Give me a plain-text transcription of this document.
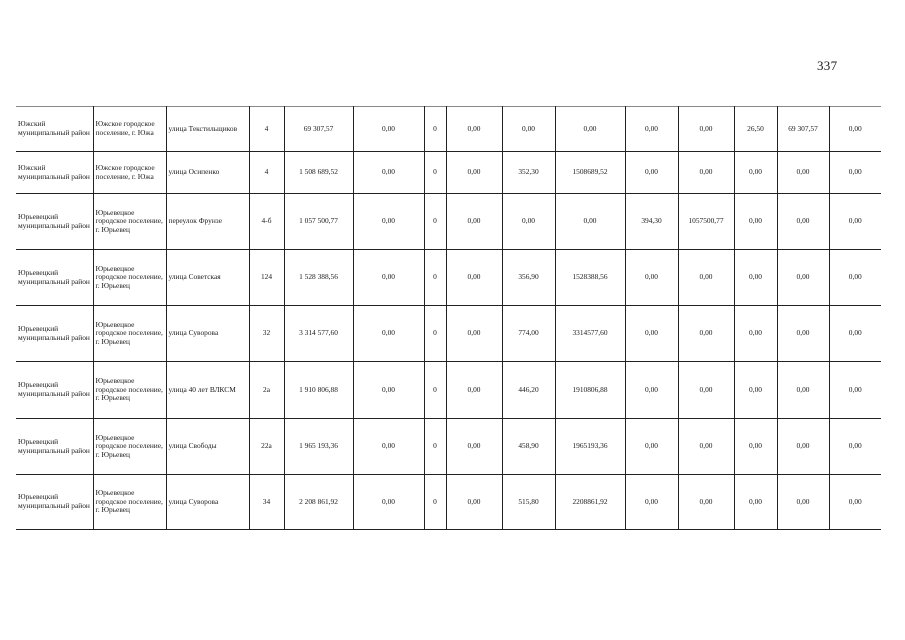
337
Южский муниципальный район	Южское городское поселение, г. Южа	улица Текстильщиков	4	69 307,57	0,00	0	0,00	0,00	0,00	0,00	0,00	26,50	69 307,57	0,00
Южский муниципальный район	Южское городское поселение, г. Южа	улица Осипенко	4	1 508 689,52	0,00	0	0,00	352,30	1508689,52	0,00	0,00	0,00	0,00	0,00
Юрьевецкий муниципальный район	Юрьевецкое городское поселение, г. Юрьевец	переулок Фрунзе	4-б	1 057 500,77	0,00	0	0,00	0,00	0,00	394,30	1057500,77	0,00	0,00	0,00
Юрьевецкий муниципальный район	Юрьевецкое городское поселение, г. Юрьевец	улица Советская	124	1 528 388,56	0,00	0	0,00	356,90	1528388,56	0,00	0,00	0,00	0,00	0,00
Юрьевецкий муниципальный район	Юрьевецкое городское поселение, г. Юрьевец	улица Суворова	32	3 314 577,60	0,00	0	0,00	774,00	3314577,60	0,00	0,00	0,00	0,00	0,00
Юрьевецкий муниципальный район	Юрьевецкое городское поселение, г. Юрьевец	улица 40 лет ВЛКСМ	2а	1 910 806,88	0,00	0	0,00	446,20	1910806,88	0,00	0,00	0,00	0,00	0,00
Юрьевецкий муниципальный район	Юрьевецкое городское поселение, г. Юрьевец	улица Свободы	22а	1 965 193,36	0,00	0	0,00	458,90	1965193,36	0,00	0,00	0,00	0,00	0,00
Юрьевецкий муниципальный район	Юрьевецкое городское поселение, г. Юрьевец	улица Суворова	34	2 208 861,92	0,00	0	0,00	515,80	2208861,92	0,00	0,00	0,00	0,00	0,00
